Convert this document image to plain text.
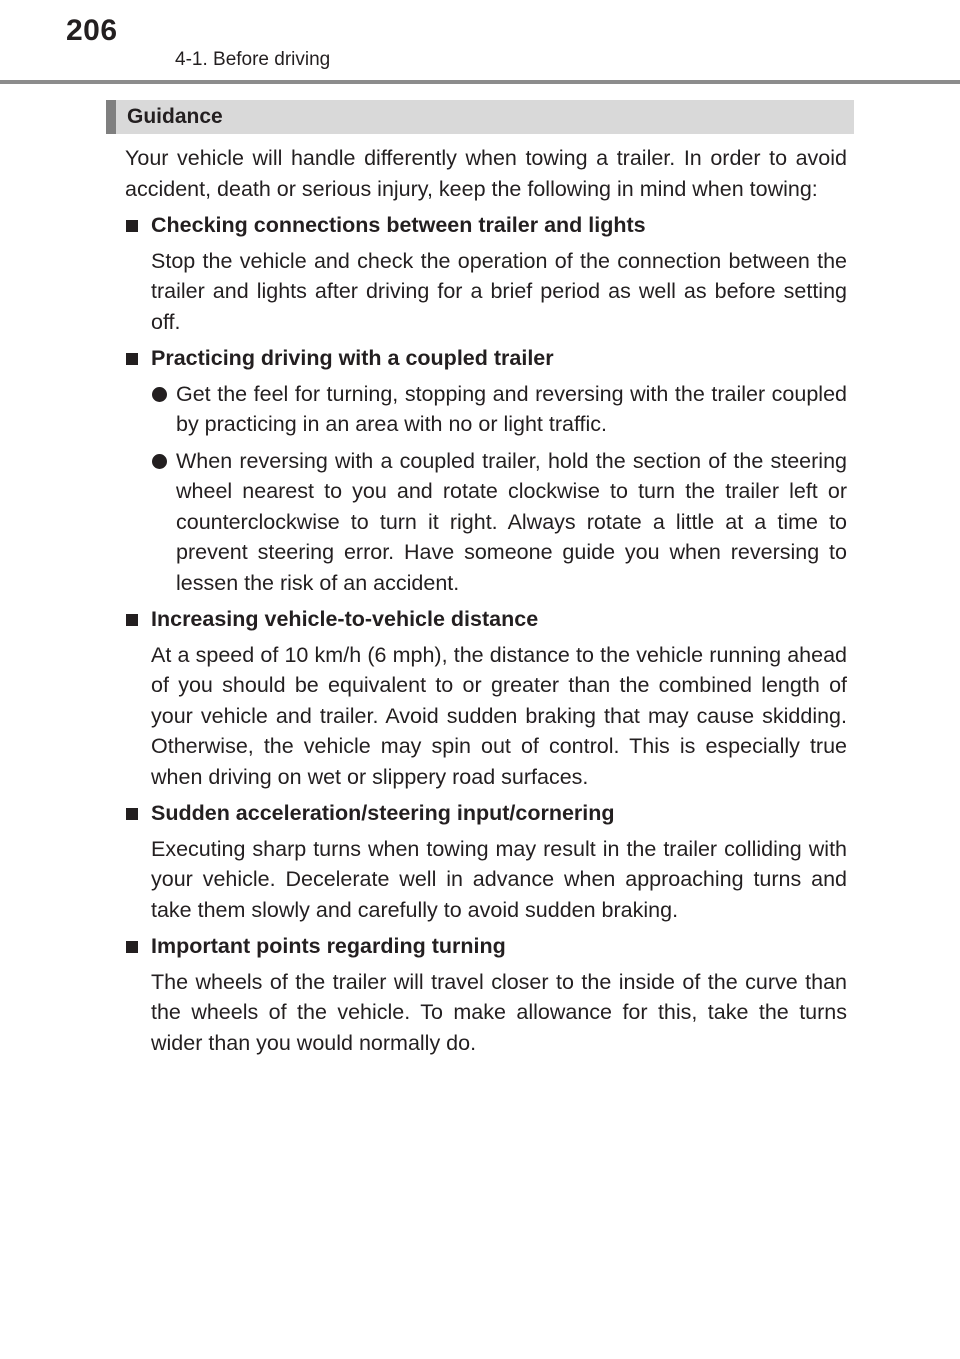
206
4-1. Before driving
Guidance

Your vehicle will handle differently when towing a trailer. In order to avoid accident, death or serious injury, keep the following in mind when towing:

Checking connections between trailer and lights

Stop the vehicle and check the operation of the connection between the trailer and lights after driving for a brief period as well as before setting off.

Practicing driving with a coupled trailer
Get the feel for turning, stopping and reversing with the trailer coupled by practicing in an area with no or light traffic.
When reversing with a coupled trailer, hold the section of the steering wheel nearest to you and rotate clockwise to turn the trailer left or counterclockwise to turn it right. Always rotate a little at a time to prevent steering error. Have someone guide you when reversing to lessen the risk of an accident.
Increasing vehicle-to-vehicle distance

At a speed of 10 km/h (6 mph), the distance to the vehicle running ahead of you should be equivalent to or greater than the combined length of your vehicle and trailer. Avoid sudden braking that may cause skidding. Otherwise, the vehicle may spin out of control. This is especially true when driving on wet or slippery road surfaces.

Sudden acceleration/steering input/cornering

Executing sharp turns when towing may result in the trailer colliding with your vehicle. Decelerate well in advance when approaching turns and take them slowly and carefully to avoid sudden braking.

Important points regarding turning

The wheels of the trailer will travel closer to the inside of the curve than the wheels of the vehicle. To make allowance for this, take the turns wider than you would normally do.
